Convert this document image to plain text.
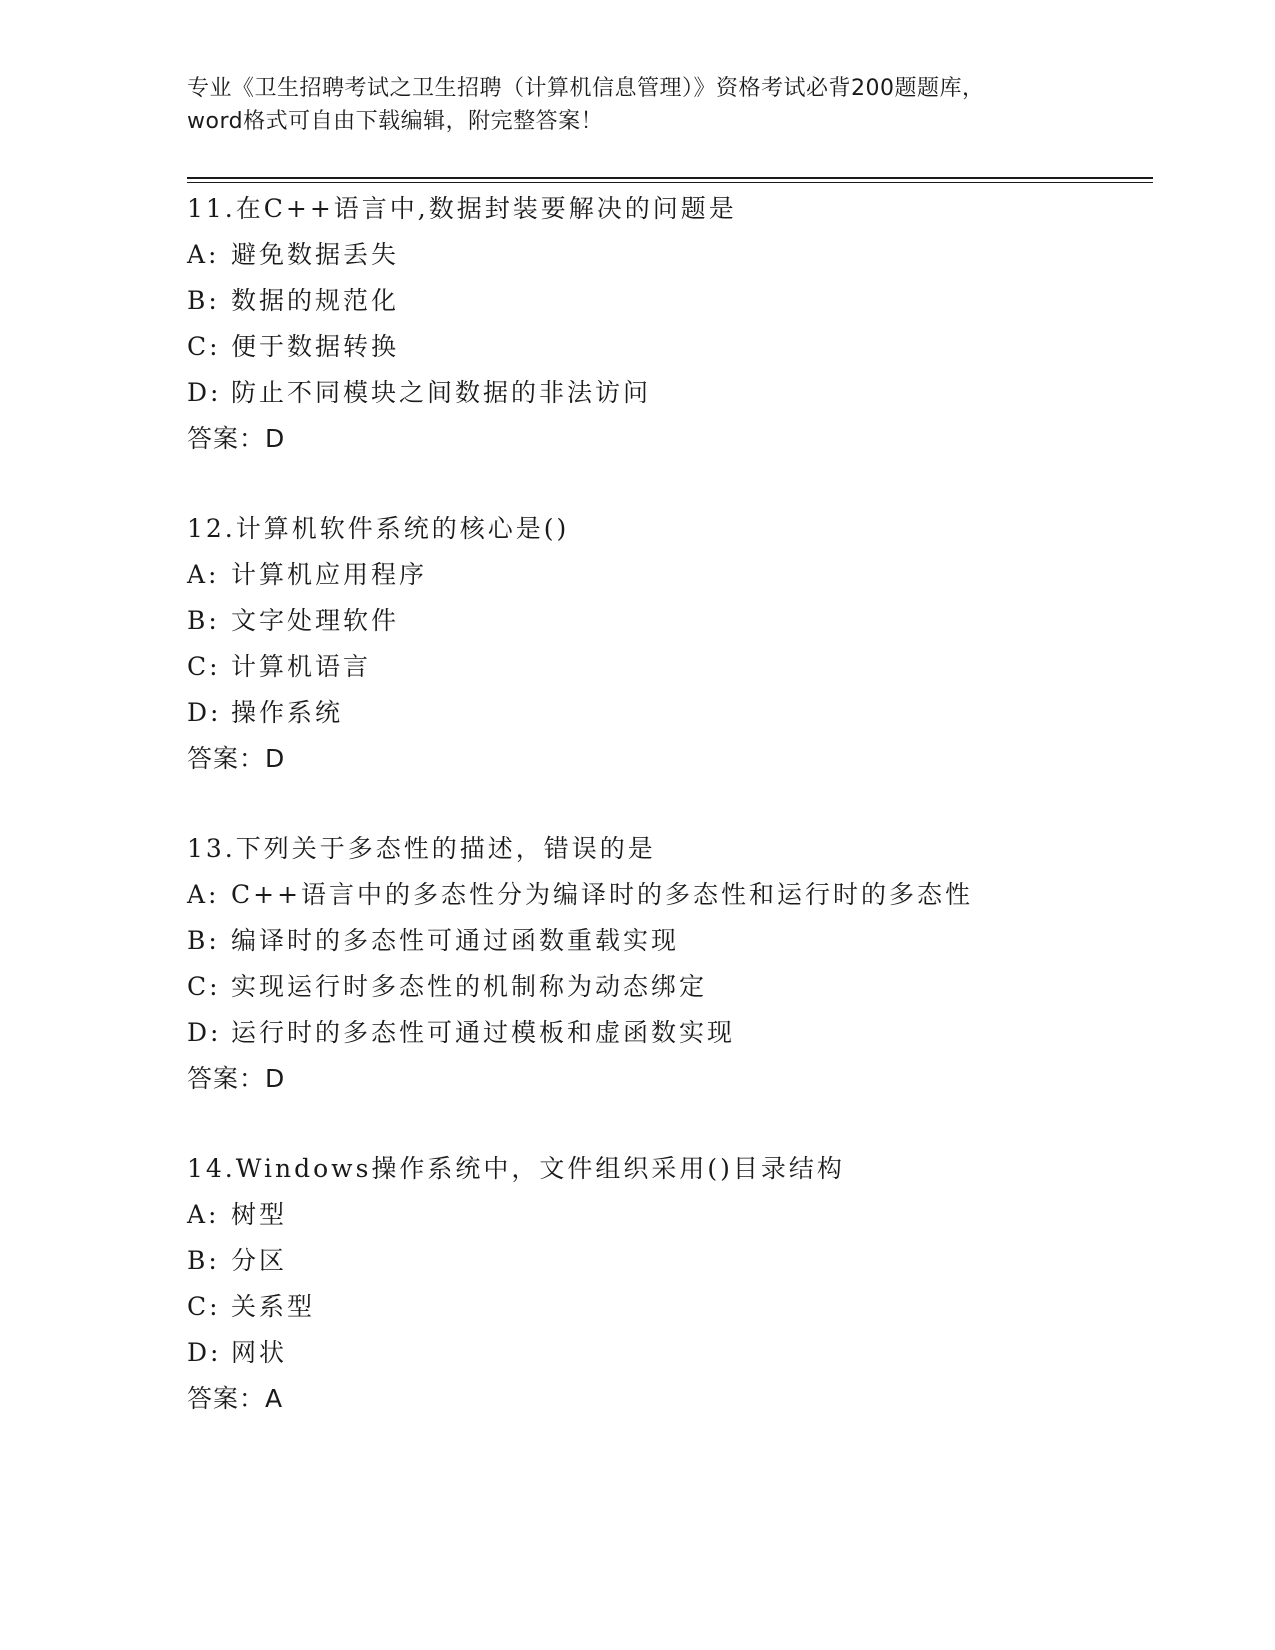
专业《卫生招聘考试之卫生招聘（计算机信息管理）》资格考试必背200题题库，
word格式可自由下载编辑，附完整答案！
11.在C++语言中,数据封装要解决的问题是
A: 避免数据丢失
B: 数据的规范化
C: 便于数据转换
D: 防止不同模块之间数据的非法访问
答案：D
12.计算机软件系统的核心是()
A: 计算机应用程序
B: 文字处理软件
C: 计算机语言
D: 操作系统
答案：D
13.下列关于多态性的描述，错误的是
A: C++语言中的多态性分为编译时的多态性和运行时的多态性
B: 编译时的多态性可通过函数重载实现
C: 实现运行时多态性的机制称为动态绑定
D: 运行时的多态性可通过模板和虚函数实现
答案：D
14.Windows操作系统中，文件组织采用()目录结构
A: 树型
B: 分区
C: 关系型
D: 网状
答案：A
